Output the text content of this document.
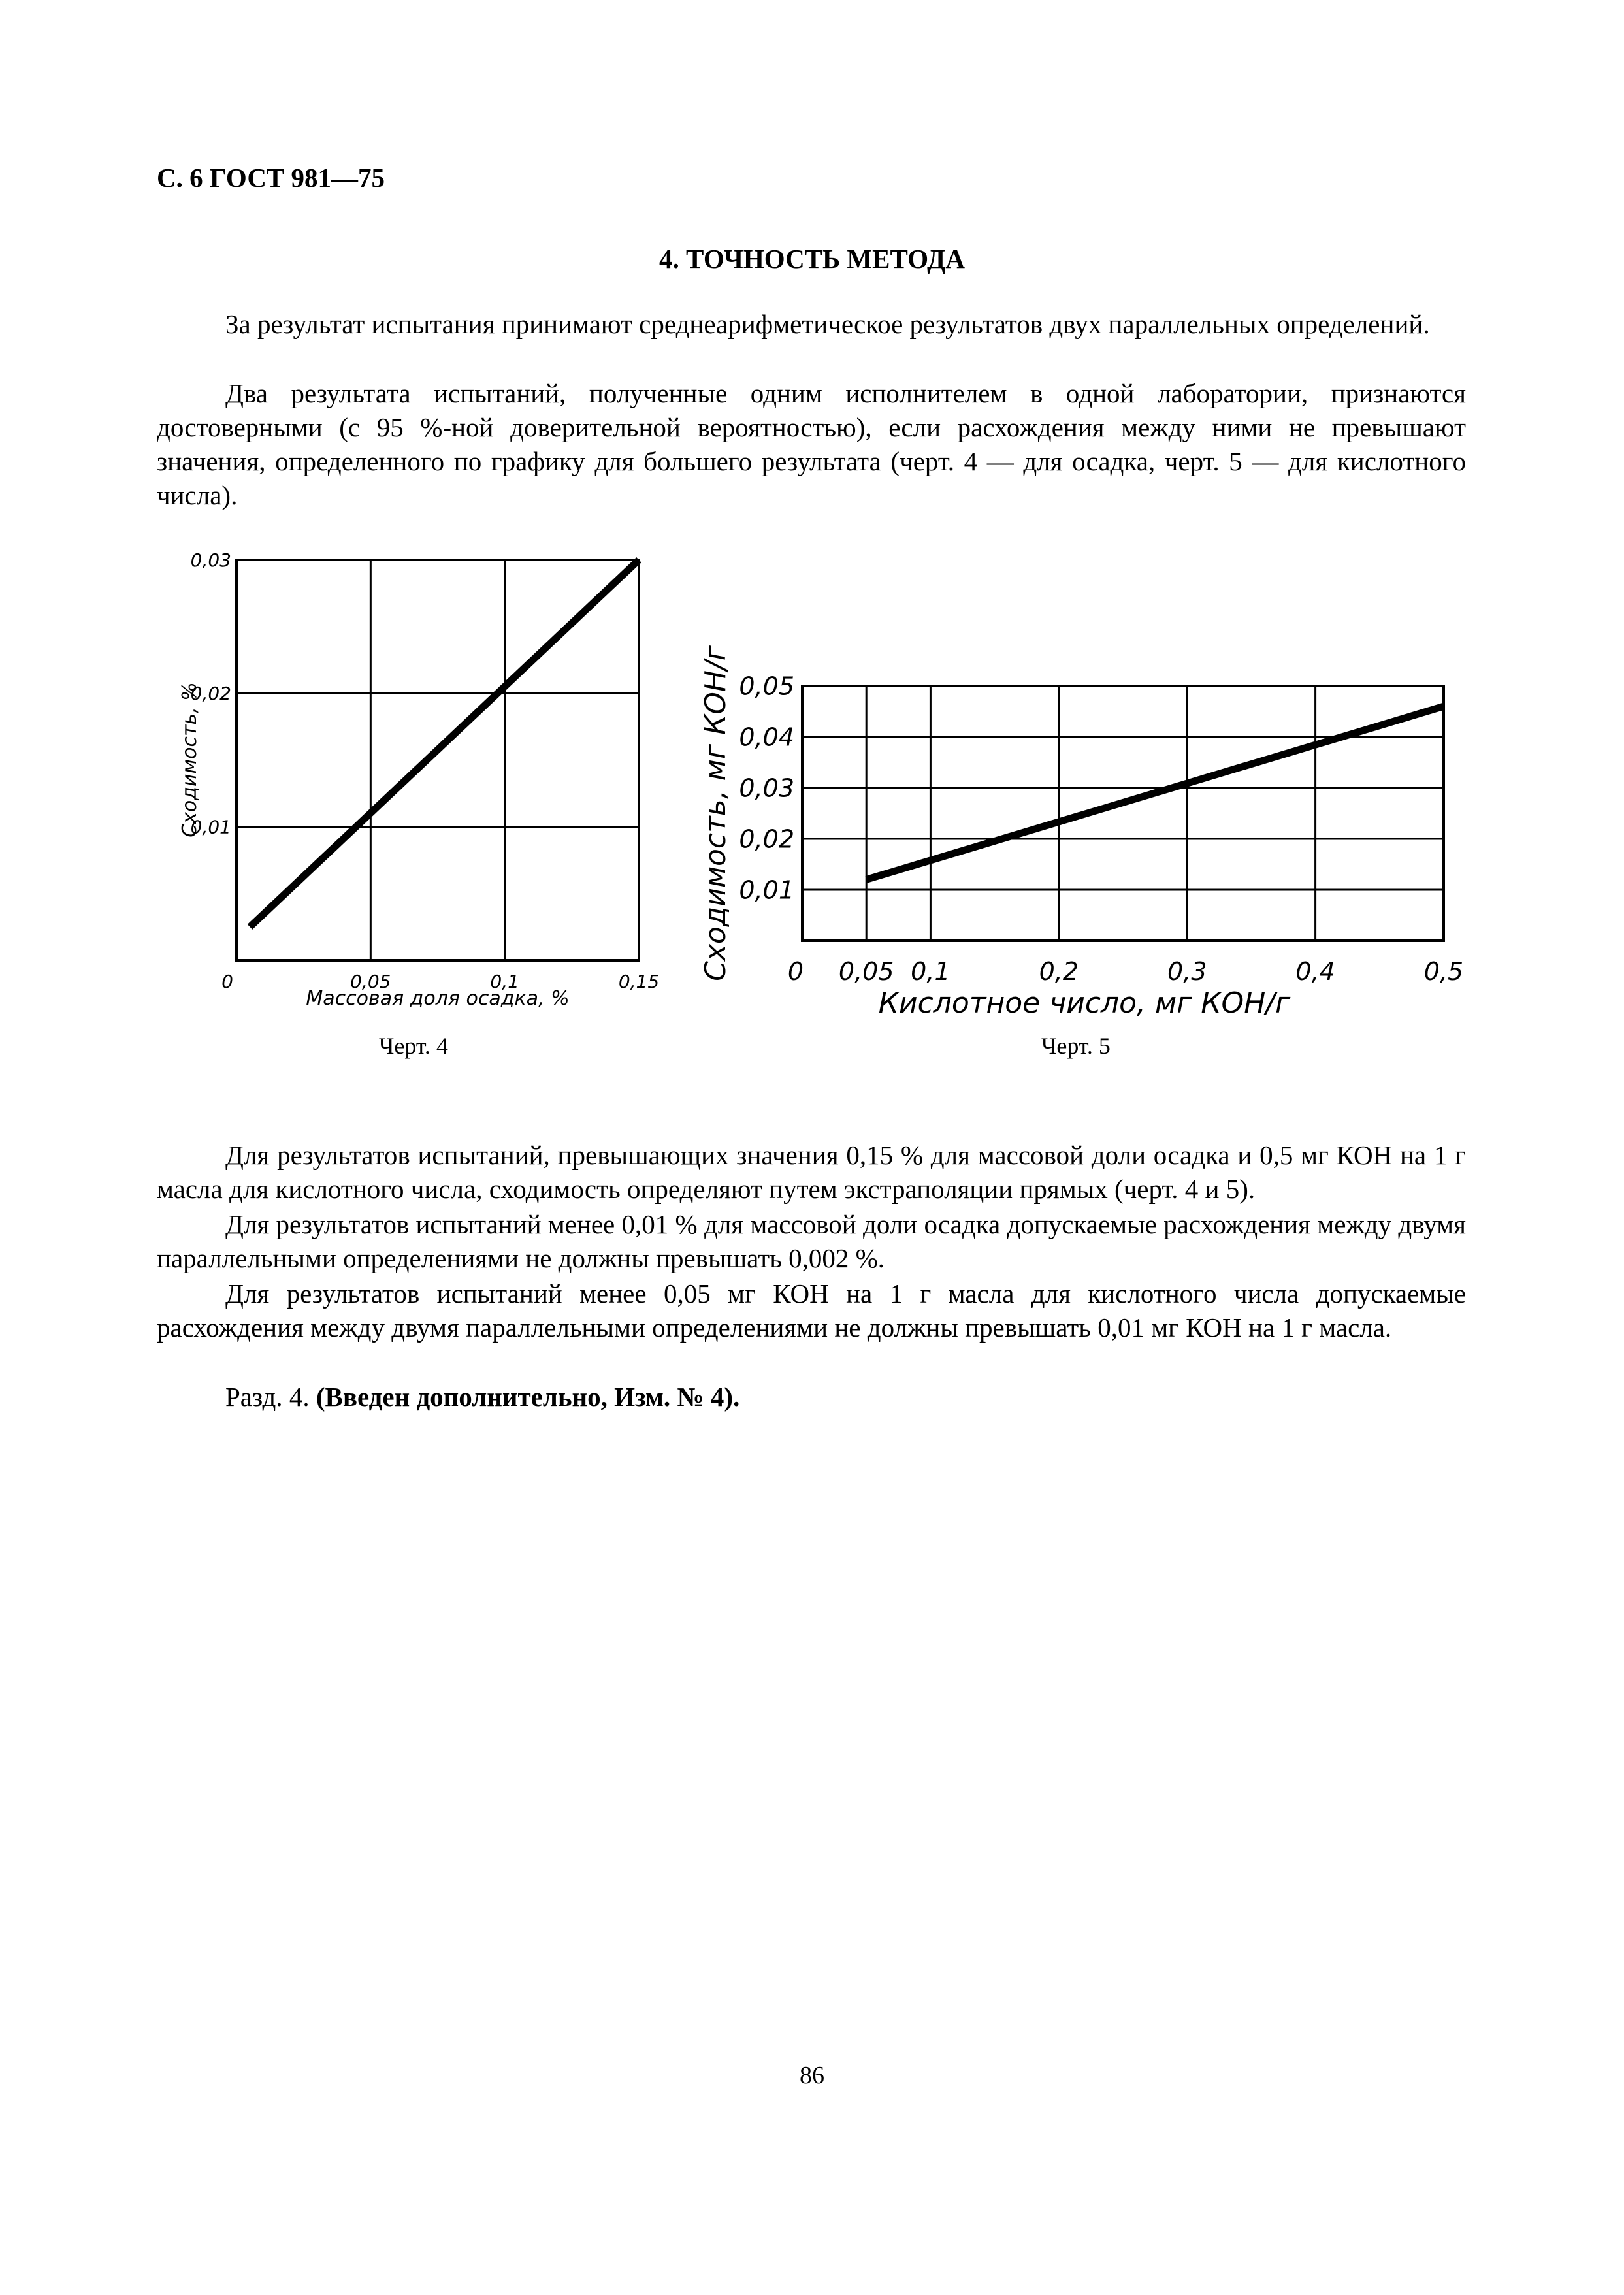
С. 6 ГОСТ 981—75
4. ТОЧНОСТЬ МЕТОДА
За результат испытания принимают среднеарифметическое результатов двух параллельных определений.
Два результата испытаний, полученные одним исполнителем в одной лаборатории, признаются достоверными (с 95 %-ной доверительной вероятностью), если расхождения между ними не превышают значения, определенного по графику для большего результата (черт. 4 — для осадка, черт. 5 — для кислотного числа).
0,05	0,1	0,15
0,01
0,02
0,03
0
Массовая доля осадка, %
Сходимость, %
0,05 0,1	0,2	0,3	0,4	0,5
0,01
0,02
0,03
0,04
0,05
0
Кислотное число, мг КОН/г
Сходимость, мг КОН/г
Черт. 4	Черт. 5
Для результатов испытаний, превышающих значения 0,15 % для массовой доли осадка и 0,5 мг КОН на 1 г масла для кислотного числа, сходимость определяют путем экстраполяции прямых (черт. 4 и 5).
Для результатов испытаний менее 0,01 % для массовой доли осадка допускаемые расхождения между двумя параллельными определениями не должны превышать 0,002 %.
Для результатов испытаний менее 0,05 мг КОН на 1 г масла для кислотного числа допускаемые расхождения между двумя параллельными определениями не должны превышать 0,01 мг КОН на 1 г масла.
Разд. 4. (Введен дополнительно, Изм. № 4).
86
